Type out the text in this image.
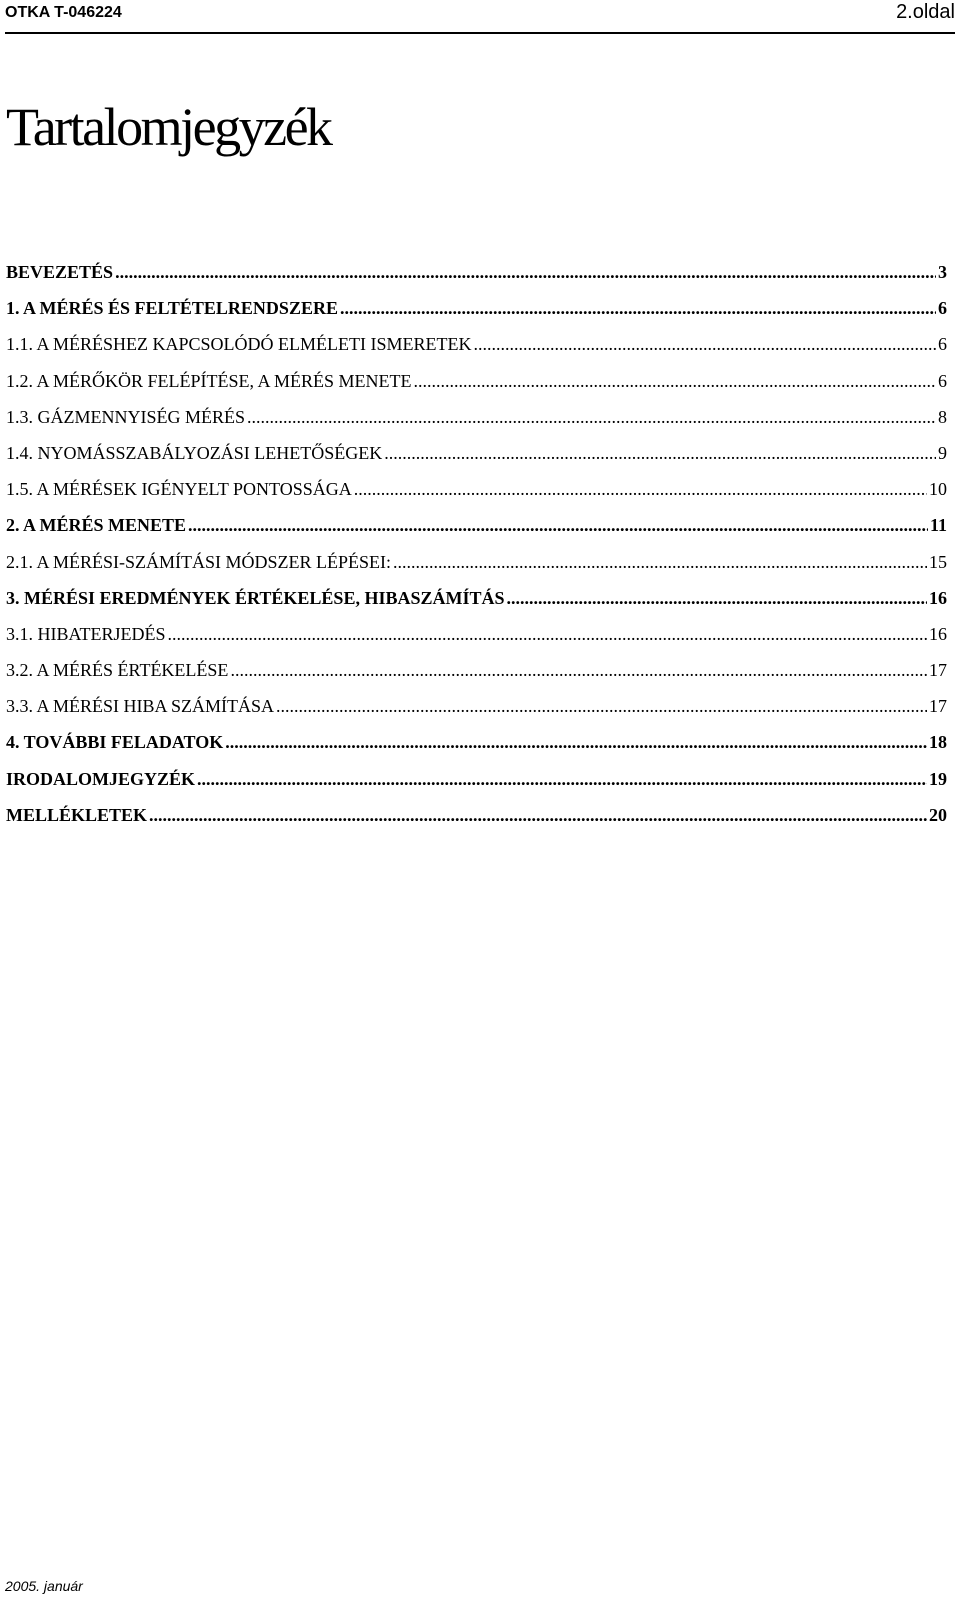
OTKA T-046224	2.oldal
Tartalomjegyzék
BEVEZETÉS .....	3
1. A MÉRÉS ÉS FELTÉTELRENDSZERE .....	6
1.1. A MÉRÉSHEZ KAPCSOLÓDÓ ELMÉLETI ISMERETEK .....	6
1.2. A MÉRŐKÖR FELÉPÍTÉSE, A MÉRÉS MENETE .....	6
1.3. GÁZMENNYISÉG MÉRÉS .....	8
1.4. NYOMÁSSZABÁLYOZÁSI LEHETŐSÉGEK .....	9
1.5. A MÉRÉSEK IGÉNYELT PONTOSSÁGA .....	10
2. A MÉRÉS MENETE .....	11
2.1. A MÉRÉSI-SZÁMÍTÁSI MÓDSZER LÉPÉSEI: .....	15
3. MÉRÉSI EREDMÉNYEK ÉRTÉKELÉSE, HIBASZÁMÍTÁS .....	16
3.1. HIBATERJEDÉS .....	16
3.2. A MÉRÉS ÉRTÉKELÉSE .....	17
3.3. A MÉRÉSI HIBA SZÁMÍTÁSA .....	17
4. TOVÁBBI FELADATOK .....	18
IRODALOMJEGYZÉK .....	19
MELLÉKLETEK .....	20
2005. január
